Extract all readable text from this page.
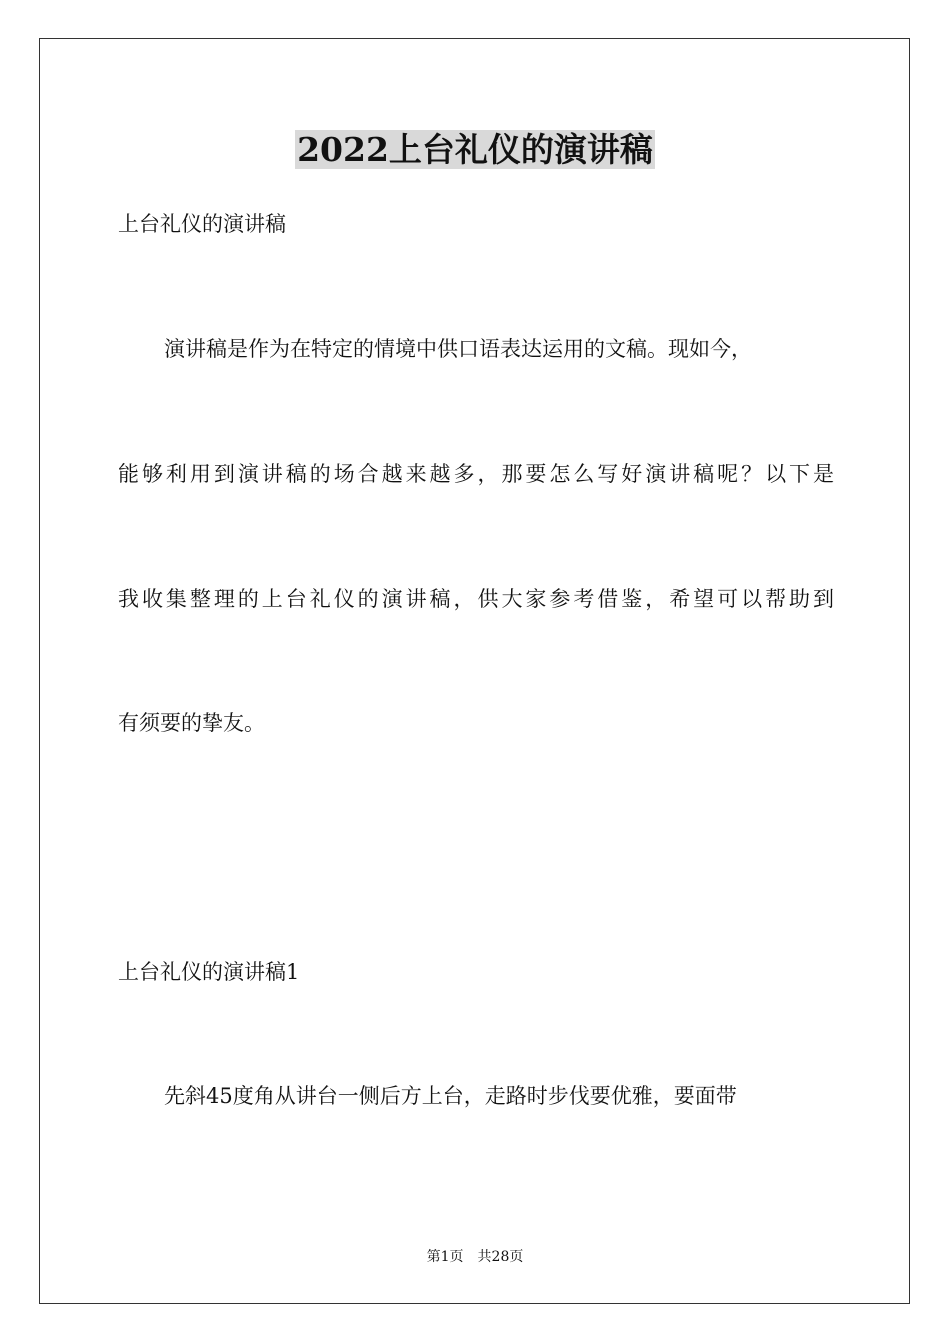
2022上台礼仪的演讲稿

上台礼仪的演讲稿

演讲稿是作为在特定的情境中供口语表达运用的文稿。现如今，

能够利用到演讲稿的场合越来越多，那要怎么写好演讲稿呢？以下是

我收集整理的上台礼仪的演讲稿，供大家参考借鉴，希望可以帮助到

有须要的挚友。

上台礼仪的演讲稿1

先斜45度角从讲台一侧后方上台，走路时步伐要优雅，要面带

第1页 共28页
